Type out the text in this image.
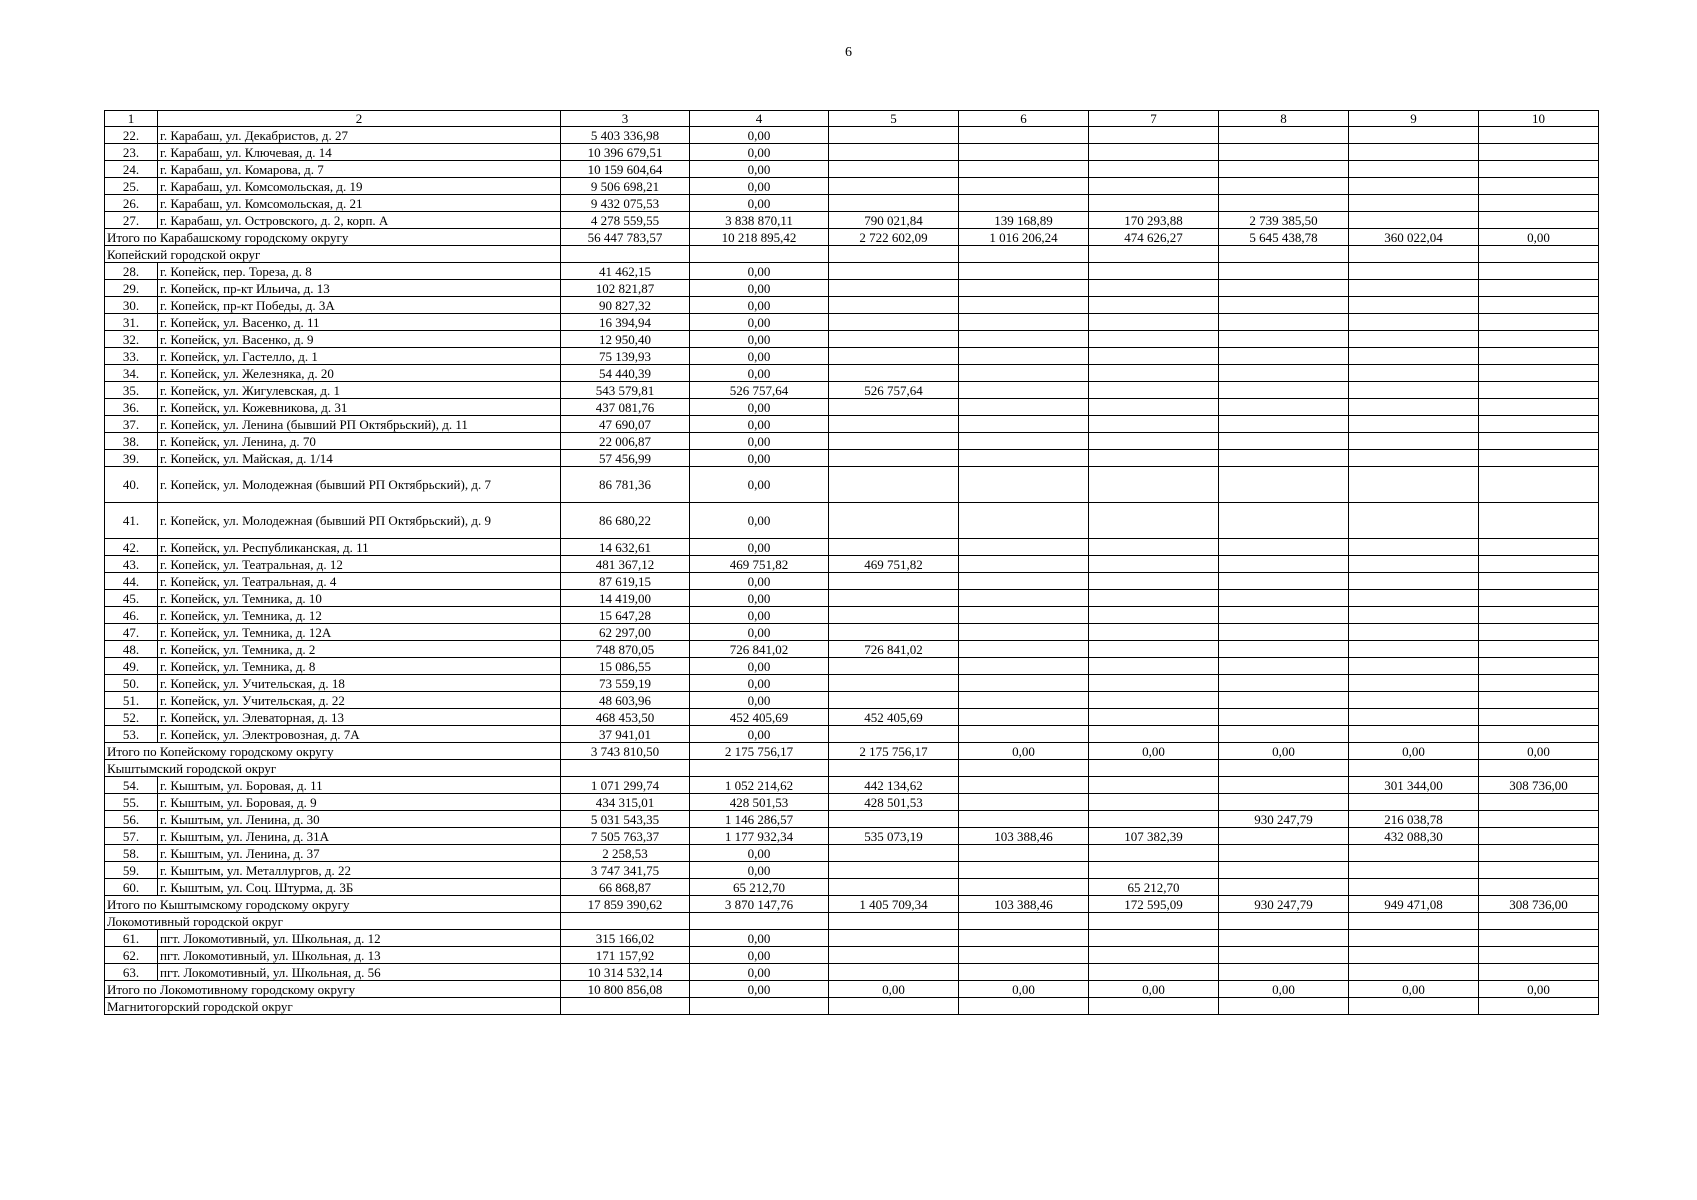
6
1	2	3	4	5	6	7	8	9	10
22.	г. Карабаш, ул. Декабристов, д. 27	5 403 336,98	0,00						
23.	г. Карабаш, ул. Ключевая, д. 14	10 396 679,51	0,00						
24.	г. Карабаш, ул. Комарова, д. 7	10 159 604,64	0,00						
25.	г. Карабаш, ул. Комсомольская, д. 19	9 506 698,21	0,00						
26.	г. Карабаш, ул. Комсомольская, д. 21	9 432 075,53	0,00						
27.	г. Карабаш, ул. Островского, д. 2, корп. А	4 278 559,55	3 838 870,11	790 021,84	139 168,89	170 293,88	2 739 385,50		
Итого по Карабашскому городскому округу		56 447 783,57	10 218 895,42	2 722 602,09	1 016 206,24	474 626,27	5 645 438,78	360 022,04	0,00
Копейский городской округ									
28.	г. Копейск, пер. Тореза, д. 8	41 462,15	0,00						
29.	г. Копейск, пр-кт Ильича, д. 13	102 821,87	0,00						
30.	г. Копейск, пр-кт Победы, д. 3А	90 827,32	0,00						
31.	г. Копейск, ул. Васенко, д. 11	16 394,94	0,00						
32.	г. Копейск, ул. Васенко, д. 9	12 950,40	0,00						
33.	г. Копейск, ул. Гастелло, д. 1	75 139,93	0,00						
34.	г. Копейск, ул. Железняка, д. 20	54 440,39	0,00						
35.	г. Копейск, ул. Жигулевская, д. 1	543 579,81	526 757,64	526 757,64					
36.	г. Копейск, ул. Кожевникова, д. 31	437 081,76	0,00						
37.	г. Копейск, ул. Ленина (бывший РП Октябрьский), д. 11	47 690,07	0,00						
38.	г. Копейск, ул. Ленина, д. 70	22 006,87	0,00						
39.	г. Копейск, ул. Майская, д. 1/14	57 456,99	0,00						
40.	г. Копейск, ул. Молодежная (бывший РП Октябрьский), д. 7	86 781,36	0,00						
41.	г. Копейск, ул. Молодежная (бывший РП Октябрьский), д. 9	86 680,22	0,00						
42.	г. Копейск, ул. Республиканская, д. 11	14 632,61	0,00						
43.	г. Копейск, ул. Театральная, д. 12	481 367,12	469 751,82	469 751,82					
44.	г. Копейск, ул. Театральная, д. 4	87 619,15	0,00						
45.	г. Копейск, ул. Темника, д. 10	14 419,00	0,00						
46.	г. Копейск, ул. Темника, д. 12	15 647,28	0,00						
47.	г. Копейск, ул. Темника, д. 12А	62 297,00	0,00						
48.	г. Копейск, ул. Темника, д. 2	748 870,05	726 841,02	726 841,02					
49.	г. Копейск, ул. Темника, д. 8	15 086,55	0,00						
50.	г. Копейск, ул. Учительская, д. 18	73 559,19	0,00						
51.	г. Копейск, ул. Учительская, д. 22	48 603,96	0,00						
52.	г. Копейск, ул. Элеваторная, д. 13	468 453,50	452 405,69	452 405,69					
53.	г. Копейск, ул. Электровозная, д. 7А	37 941,01	0,00						
Итого по Копейскому городскому округу		3 743 810,50	2 175 756,17	2 175 756,17	0,00	0,00	0,00	0,00	0,00
Кыштымский городской округ									
54.	г. Кыштым, ул. Боровая, д. 11	1 071 299,74	1 052 214,62	442 134,62				301 344,00	308 736,00
55.	г. Кыштым, ул. Боровая, д. 9	434 315,01	428 501,53	428 501,53					
56.	г. Кыштым, ул. Ленина, д. 30	5 031 543,35	1 146 286,57				930 247,79	216 038,78	
57.	г. Кыштым, ул. Ленина, д. 31А	7 505 763,37	1 177 932,34	535 073,19	103 388,46	107 382,39		432 088,30	
58.	г. Кыштым, ул. Ленина, д. 37	2 258,53	0,00						
59.	г. Кыштым, ул. Металлургов, д. 22	3 747 341,75	0,00						
60.	г. Кыштым, ул. Соц. Штурма, д. 3Б	66 868,87	65 212,70			65 212,70			
Итого по Кыштымскому городскому округу		17 859 390,62	3 870 147,76	1 405 709,34	103 388,46	172 595,09	930 247,79	949 471,08	308 736,00
Локомотивный городской округ									
61.	пгт. Локомотивный, ул. Школьная, д. 12	315 166,02	0,00						
62.	пгт. Локомотивный, ул. Школьная, д. 13	171 157,92	0,00						
63.	пгт. Локомотивный, ул. Школьная, д. 56	10 314 532,14	0,00						
Итого по Локомотивному городскому округу		10 800 856,08	0,00	0,00	0,00	0,00	0,00	0,00	0,00
Магнитогорский городской округ									
